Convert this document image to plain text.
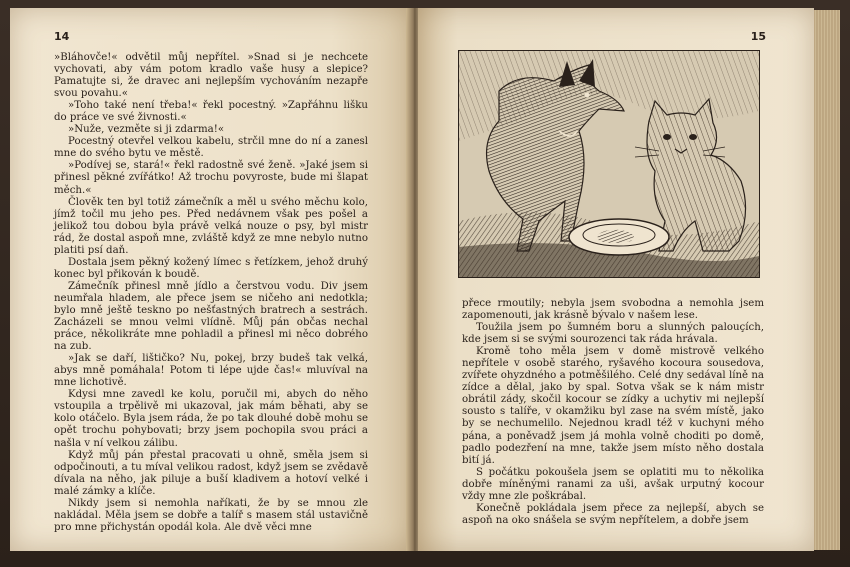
14

»Bláhovče!« odvětil můj nepřítel. »Snad si je nechcete vychovati, aby vám potom kradlo vaše husy a slepice? Pamatujte si, že dravec ani nejlepším vychováním nezapře svou povahu.«

»Toho také není třeba!« řekl pocestný. »Zapřáhnu lišku do práce ve své živnosti.«

»Nuže, vezměte si ji zdarma!«

Pocestný otevřel velkou kabelu, strčil mne do ní a zanesl mne do svého bytu ve městě.

»Podívej se, stará!« řekl radostně své ženě. »Jaké jsem si přinesl pěkné zvířátko! Až trochu povyroste, bude mi šlapat měch.«

Člověk ten byl totiž zámečník a měl u svého měchu kolo, jímž točil mu jeho pes. Před nedávnem však pes pošel a jelikož tou dobou byla právě velká nouze o psy, byl mistr rád, že dostal aspoň mne, zvláště když ze mne nebylo nutno platiti psí daň.

Dostala jsem pěkný kožený límec s řetízkem, jehož druhý konec byl přikován k boudě.

Zámečník přinesl mně jídlo a čerstvou vodu. Div jsem neumřala hladem, ale přece jsem se ničeho ani nedotkla; bylo mně ještě teskno po nešťastných bratrech a sestrách. Zacházeli se mnou velmi vlídně. Můj pán občas nechal práce, několikráte mne pohladil a přinesl mi něco dobrého na zub.

»Jak se daří, lištičko? Nu, pokej, brzy budeš tak velká, abys mně pomáhala! Potom ti lépe ujde čas!« mluvíval na mne lichotivě.

Kdysi mne zavedl ke kolu, poručil mi, abych do něho vstoupila a trpělivě mi ukazoval, jak mám běhati, aby se kolo otáčelo. Byla jsem ráda, že po tak dlouhé době mohu se opět trochu pohybovati; brzy jsem pochopila svou práci a našla v ní velkou zálibu.

Když můj pán přestal pracovati u ohně, směla jsem si odpočinouti, a tu míval velikou radost, když jsem se zvědavě dívala na něho, jak piluje a buší kladivem a hotoví velké i malé zámky a klíče.

Nikdy jsem si nemohla naříkati, že by se mnou zle nakládal. Měla jsem se dobře a talíř s masem stál ustavičně pro mne přichystán opodál kola. Ale dvě věci mne

15

přece rmoutily; nebyla jsem svobodna a nemohla jsem zapomenouti, jak krásně bývalo v našem lese.

Toužila jsem po šumném boru a slunných palouçích, kde jsem si se svými sourozenci tak ráda hrávala.

Kromě toho měla jsem v domě mistrově velkého nepřítele v osobě starého, ryšavého kocoura sousedova, zvířete ohyzdného a potměšilého. Celé dny sedával líně na zídce a dělal, jako by spal. Sotva však se k nám mistr obrátil zády, skočil kocour se zídky a uchytiv mi nejlepší sousto s talíře, v okamžiku byl zase na svém místě, jako by se nechumelilo. Nejednou kradl též v kuchyni mého pána, a poněvadž jsem já mohla volně choditi po domě, padlo podezření na mne, takže jsem místo něho dostala bití já.

S počátku pokoušela jsem se oplatiti mu to několika dobře míněnými ranami za uši, avšak urputný kocour vždy mne zle poškrábal.

Konečně pokládala jsem přece za nejlepší, abych se aspoň na oko snášela se svým nepřítelem, a dobře jsem
